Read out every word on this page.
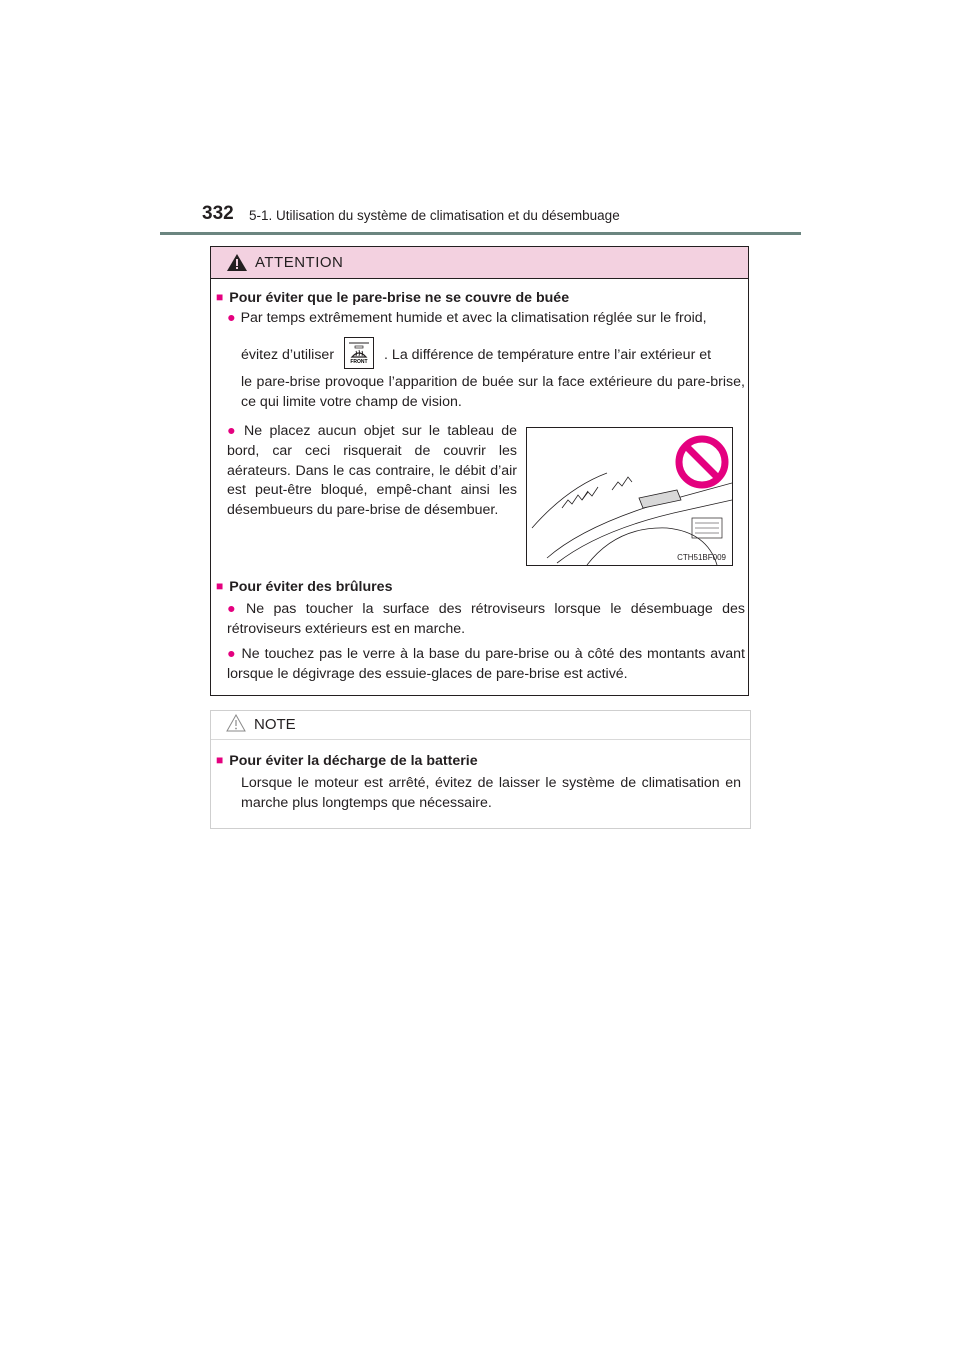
332 5-1. Utilisation du système de climatisation et du désembuage
ATTENTION
■ Pour éviter que le pare-brise ne se couvre de buée
● Par temps extrêmement humide et avec la climatisation réglée sur le froid,
évitez d’utiliser	FRONT . La différence de température entre l’air extérieur et
le pare-brise provoque l’apparition de buée sur la face extérieure du pare-brise, ce qui limite votre champ de vision.
● Ne placez aucun objet sur le tableau de bord, car ceci risquerait de couvrir les aérateurs. Dans le cas contraire, le débit d’air est peut-être bloqué, empê-chant ainsi les désembueurs du pare-brise de désembuer.
CTH51BF009
■ Pour éviter des brûlures
● Ne pas toucher la surface des rétroviseurs lorsque le désembuage des rétroviseurs extérieurs est en marche.
● Ne touchez pas le verre à la base du pare-brise ou à côté des montants avant lorsque le dégivrage des essuie-glaces de pare-brise est activé.
NOTE
■ Pour éviter la décharge de la batterie
Lorsque le moteur est arrêté, évitez de laisser le système de climatisation en marche plus longtemps que nécessaire.
